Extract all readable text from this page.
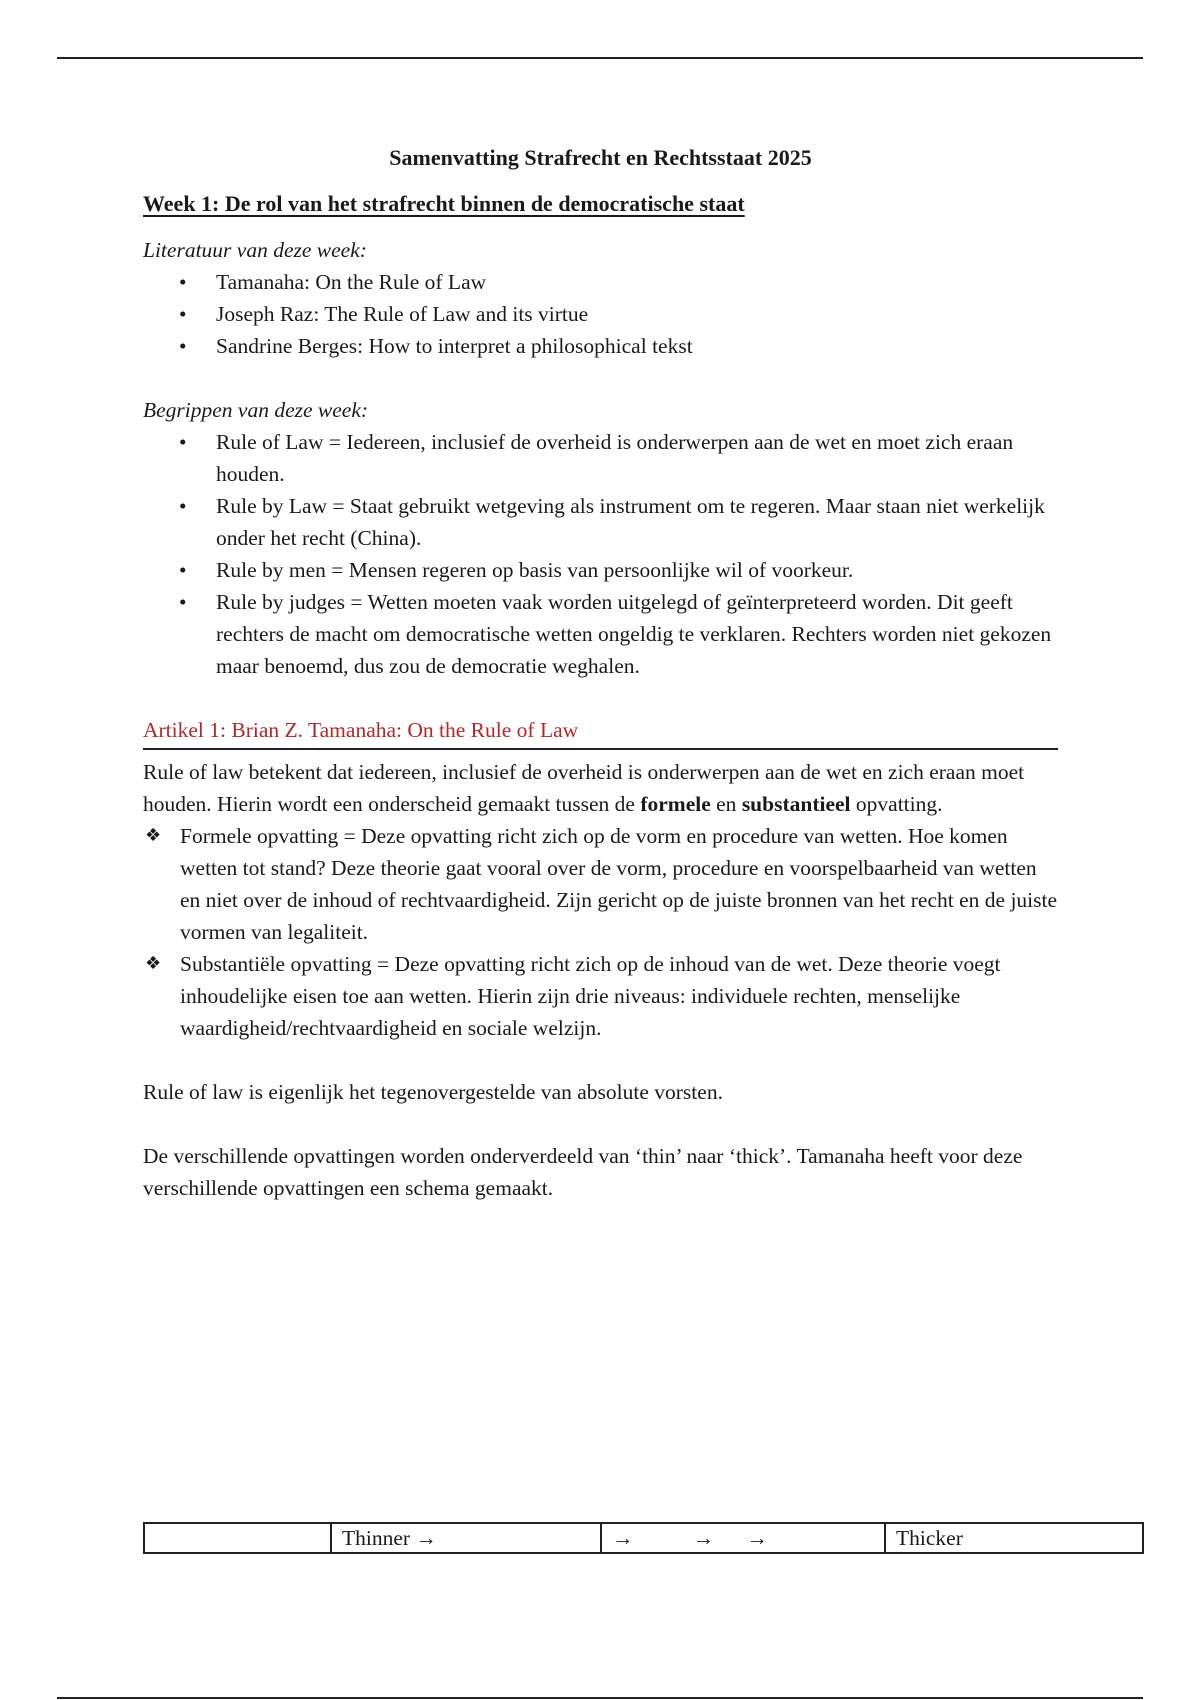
Samenvatting Strafrecht en Rechtsstaat 2025
Week 1: De rol van het strafrecht binnen de democratische staat
Literatuur van deze week:
• Tamanaha: On the Rule of Law
• Joseph Raz: The Rule of Law and its virtue
• Sandrine Berges: How to interpret a philosophical tekst
Begrippen van deze week:
• Rule of Law = Iedereen, inclusief de overheid is onderwerpen aan de wet en moet zich eraan houden.
• Rule by Law = Staat gebruikt wetgeving als instrument om te regeren. Maar staan niet werkelijk onder het recht (China).
• Rule by men = Mensen regeren op basis van persoonlijke wil of voorkeur.
• Rule by judges = Wetten moeten vaak worden uitgelegd of geïnterpreteerd worden. Dit geeft rechters de macht om democratische wetten ongeldig te verklaren. Rechters worden niet gekozen maar benoemd, dus zou de democratie weghalen.
Artikel 1: Brian Z. Tamanaha: On the Rule of Law

Rule of law betekent dat iedereen, inclusief de overheid is onderwerpen aan de wet en zich eraan moet houden. Hierin wordt een onderscheid gemaakt tussen de formele en substantieel opvatting.

❖ Formele opvatting = Deze opvatting richt zich op de vorm en procedure van wetten. Hoe komen wetten tot stand? Deze theorie gaat vooral over de vorm, procedure en voorspelbaarheid van wetten en niet over de inhoud of rechtvaardigheid. Zijn gericht op de juiste bronnen van het recht en de juiste vormen van legaliteit.
❖ Substantiële opvatting = Deze opvatting richt zich op de inhoud van de wet. Deze theorie voegt inhoudelijke eisen toe aan wetten. Hierin zijn drie niveaus: individuele rechten, menselijke waardigheid/rechtvaardigheid en sociale welzijn.

Rule of law is eigenlijk het tegenovergestelde van absolute vorsten.

De verschillende opvattingen worden onderverdeeld van ‘thin’ naar ‘thick’. Tamanaha heeft voor deze verschillende opvattingen een schema gemaakt.

	Thinner →	→           →      →	Thicker
